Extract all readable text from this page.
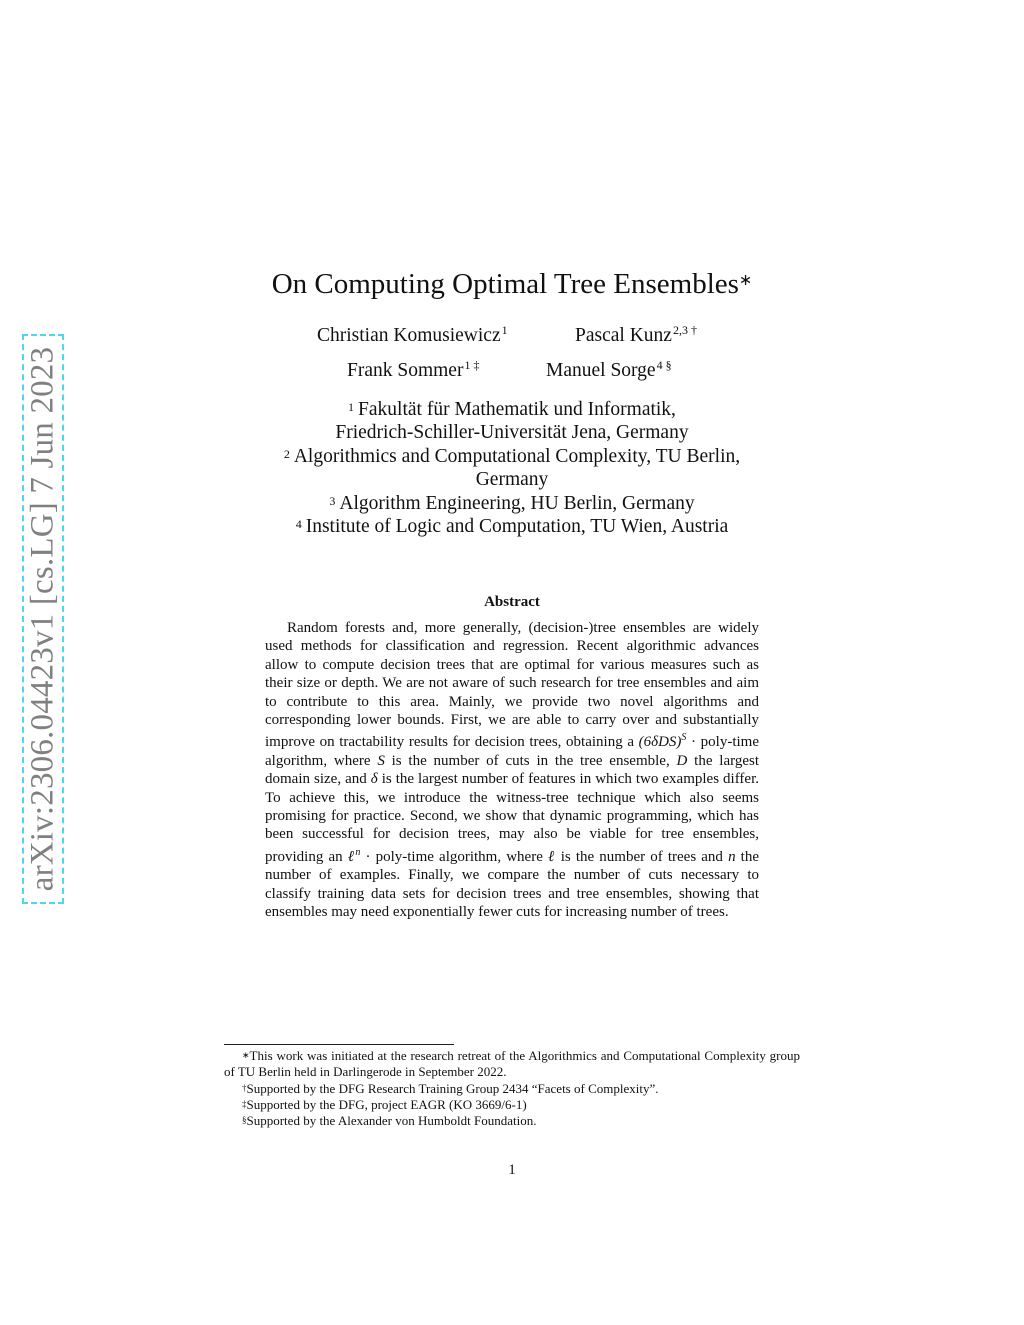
arXiv:2306.04423v1 [cs.LG] 7 Jun 2023
On Computing Optimal Tree Ensembles∗
Christian Komusiewicz$^1$	Pascal Kunz$^{2,3 \dagger}$
Frank Sommer$^{1 \ddagger}$	Manuel Sorge$^{4 \S}$
$^1$ Fakultät für Mathematik und Informatik,
Friedrich-Schiller-Universität Jena, Germany
$^2$ Algorithmics and Computational Complexity, TU Berlin,
Germany
$^3$ Algorithm Engineering, HU Berlin, Germany
$^4$ Institute of Logic and Computation, TU Wien, Austria
Abstract
Random forests and, more generally, (decision-)tree ensembles are widely used methods for classification and regression. Recent algorithmic advances allow to compute decision trees that are optimal for various measures such as their size or depth. We are not aware of such research for tree ensembles and aim to contribute to this area. Mainly, we provide two novel algorithms and corresponding lower bounds. First, we are able to carry over and substantially improve on tractability results for decision trees, obtaining a $(6\delta DS)^S$ · poly-time algorithm, where S is the number of cuts in the tree ensemble, D the largest domain size, and δ is the largest number of features in which two examples differ. To achieve this, we introduce the witness-tree technique which also seems promising for practice. Second, we show that dynamic programming, which has been successful for decision trees, may also be viable for tree ensembles, providing an ℓ$^n$ · poly-time algorithm, where ℓ is the number of trees and n the number of examples. Finally, we compare the number of cuts necessary to classify training data sets for decision trees and tree ensembles, showing that ensembles may need exponentially fewer cuts for increasing number of trees.
∗This work was initiated at the research retreat of the Algorithmics and Computational Complexity group of TU Berlin held in Darlingerode in September 2022.
†Supported by the DFG Research Training Group 2434 “Facets of Complexity”.
‡Supported by the DFG, project EAGR (KO 3669/6-1)
§Supported by the Alexander von Humboldt Foundation.
1
